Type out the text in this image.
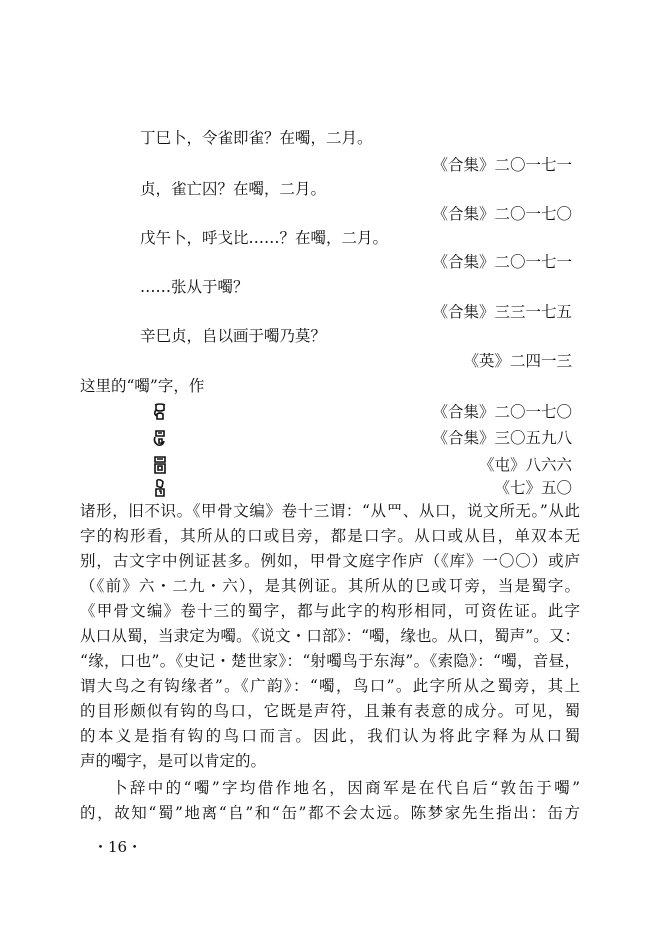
丁巳卜，令雀即雀？在噣，二月。
《合集》二〇一七一
贞，雀亡囚？在噣，二月。
《合集》二〇一七〇
戊午卜，呼戈比……？在噣，二月。
《合集》二〇一七一
……张从于噣？
《合集》三三一七五
辛巳贞，𠂤以画于噣乃莫？
《英》二四一三
这里的“噣”字，作
《合集》二〇一七〇
《合集》三〇五九八
《屯》八六六
《七》五〇
诸形，旧不识。《甲骨文编》卷十三谓：“从罒、从口，说文所无。”从此
字的构形看，其所从的口或㠯旁，都是口字。从口或从㠯，单双本无
别，古文字中例证甚多。例如，甲骨文庭字作庐（《库》一〇〇）或庐
（《前》六・二九・六），是其例证。其所从的㔾或㔿旁，当是蜀字。
《甲骨文编》卷十三的蜀字，都与此字的构形相同，可资佐证。此字
从口从蜀，当隶定为噣。《说文・口部》：“噣，缘也。从口，蜀声”。又：
“缘，口也”。《史记・楚世家》：“射噣鸟于东海”。《索隐》：“噣，音昼，
谓大鸟之有钩缘者”。《广韵》：“噣，鸟口”。此字所从之蜀旁，其上
的目形颇似有钩的鸟口，它既是声符，且兼有表意的成分。可见，蜀
的本义是指有钩的鸟口而言。因此，我们认为将此字释为从口蜀
声的噣字，是可以肯定的。
卜辞中的“噣”字均借作地名，因商军是在代𠂤后“敦缶于噣”
的，故知“蜀”地离“𠂤”和“缶”都不会太远。陈梦家先生指出：缶方
・16・
